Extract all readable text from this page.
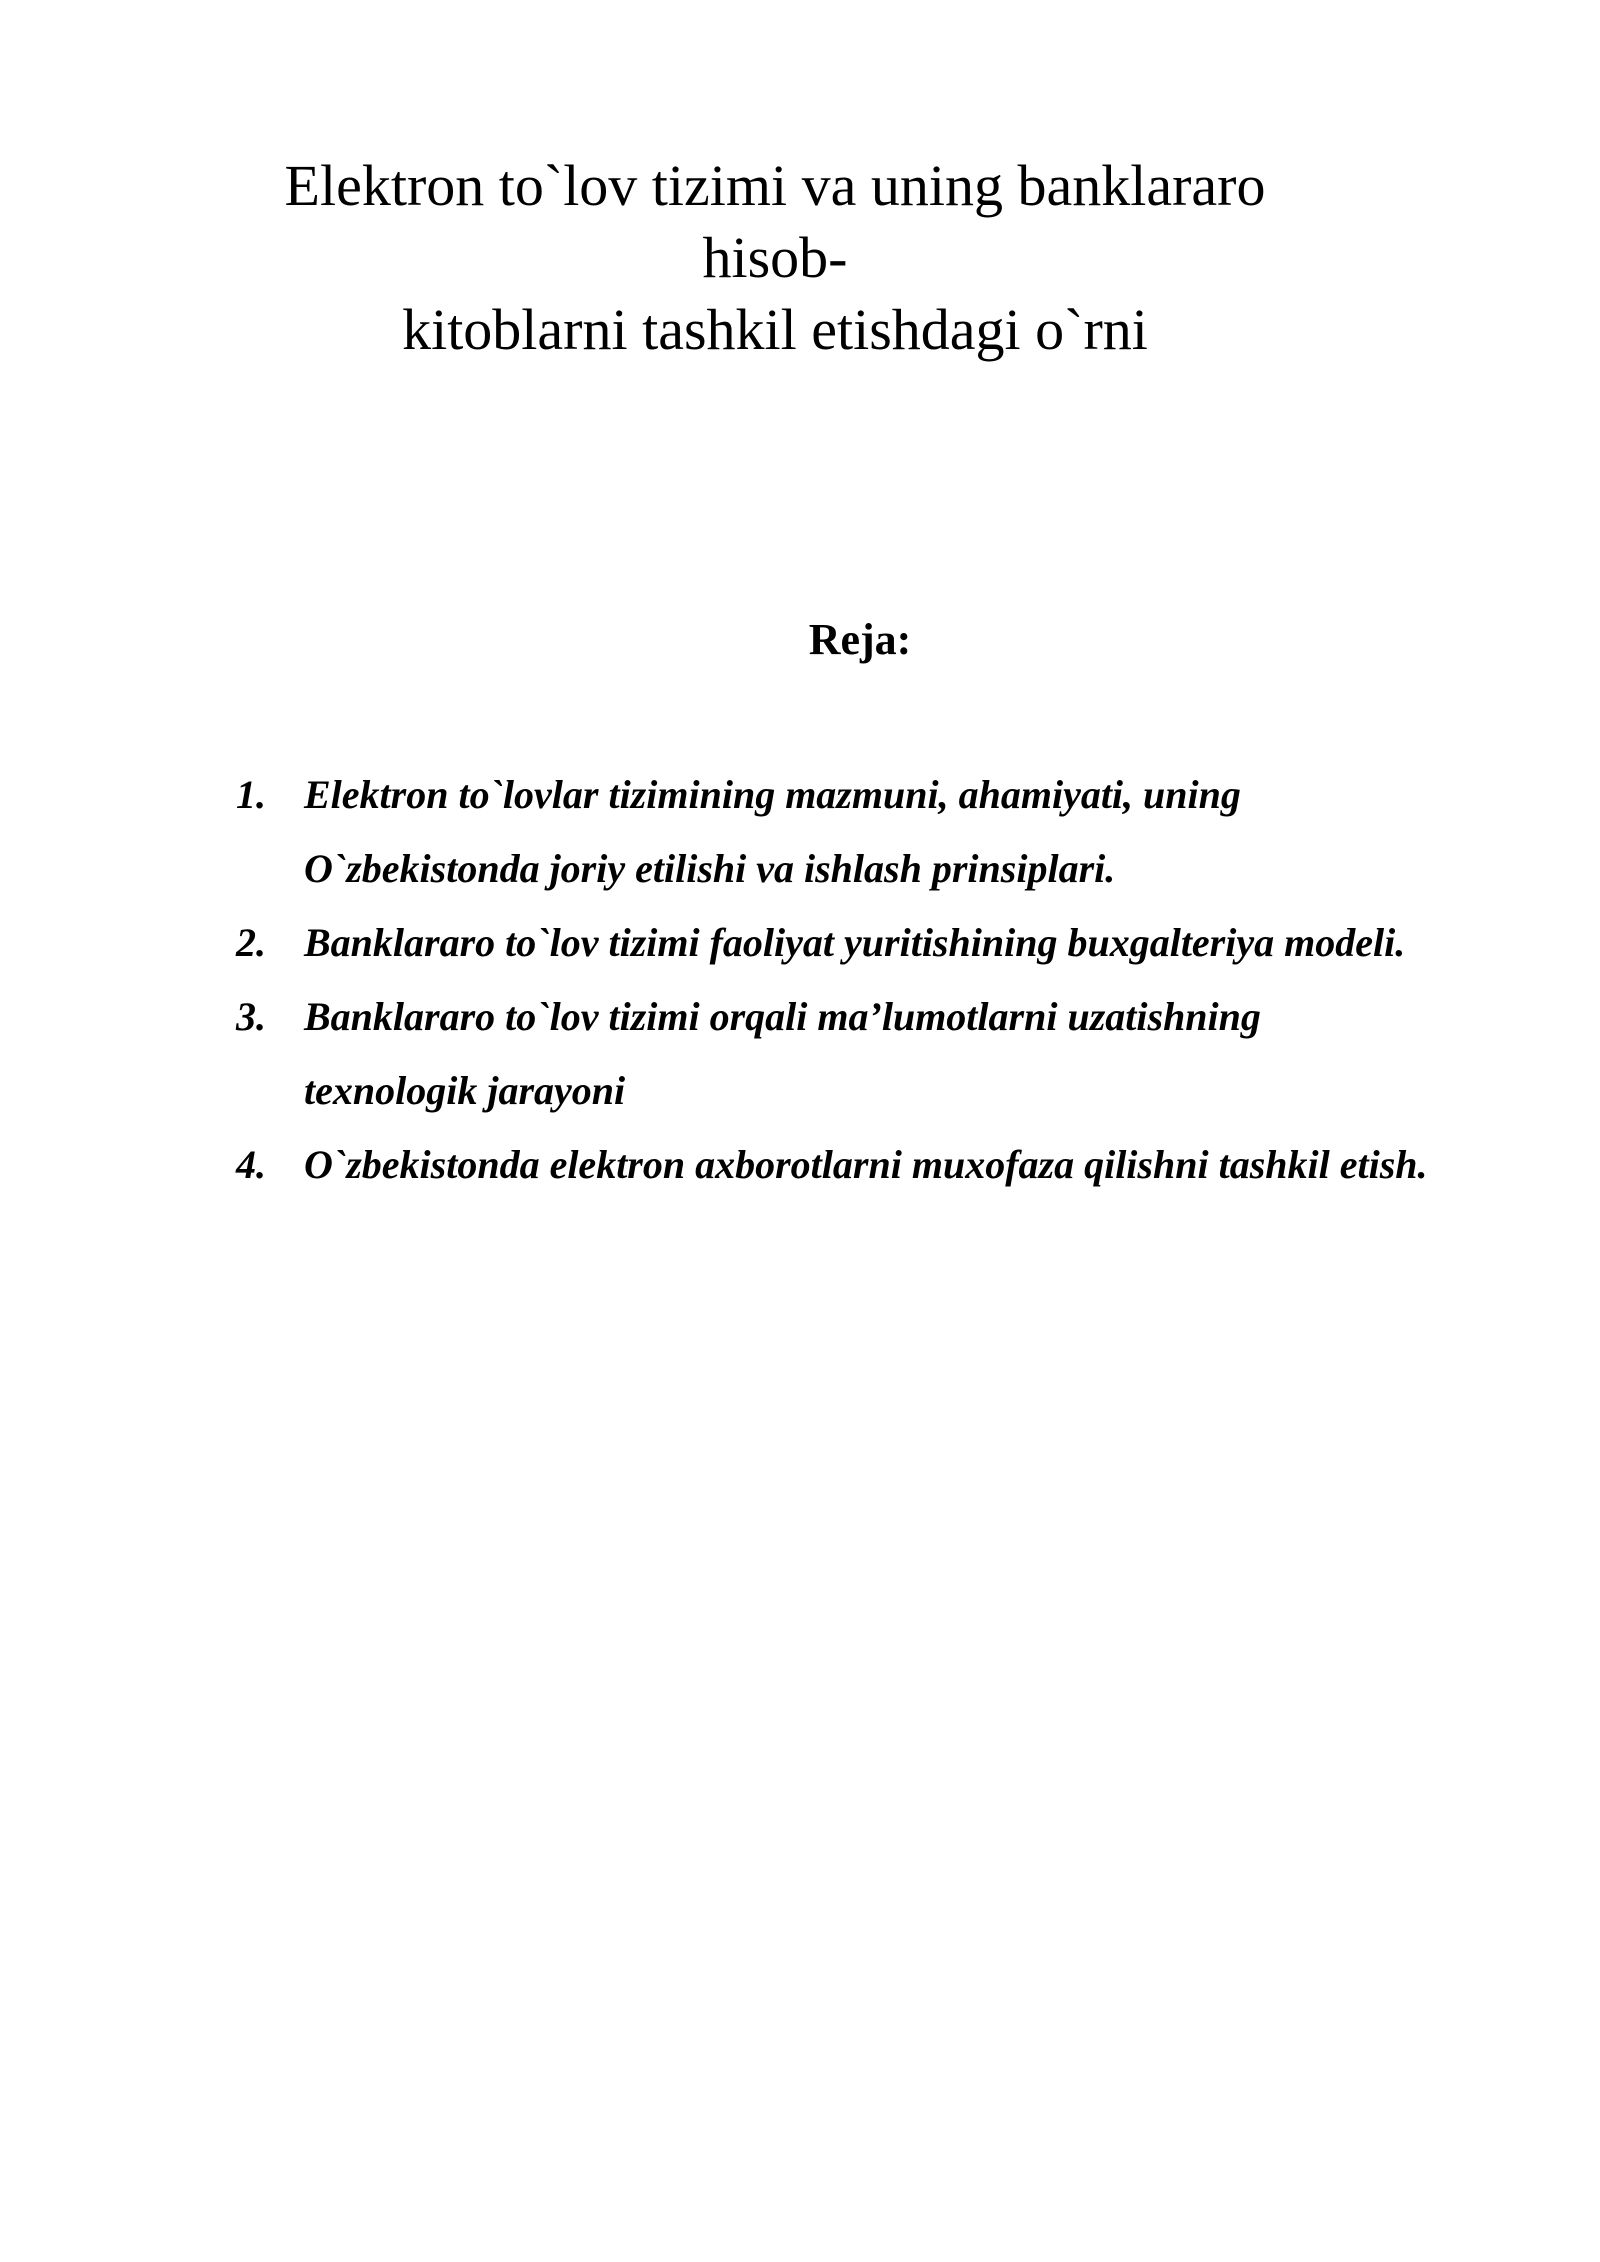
Elektron to`lov tizimi va uning banklararo hisob-
kitoblarni tashkil etishdagi o`rni
Reja:
1. Elektron to`lovlar tizimining mazmuni, ahamiyati, uning O`zbekistonda joriy etilishi va ishlash prinsiplari.
2. Banklararo to`lov tizimi faoliyat yuritishining buxgalteriya modeli.
3. Banklararo to`lov tizimi orqali ma’lumotlarni uzatishning texnologik jarayoni
4. O`zbekistonda elektron axborotlarni muxofaza qilishni tashkil etish.
